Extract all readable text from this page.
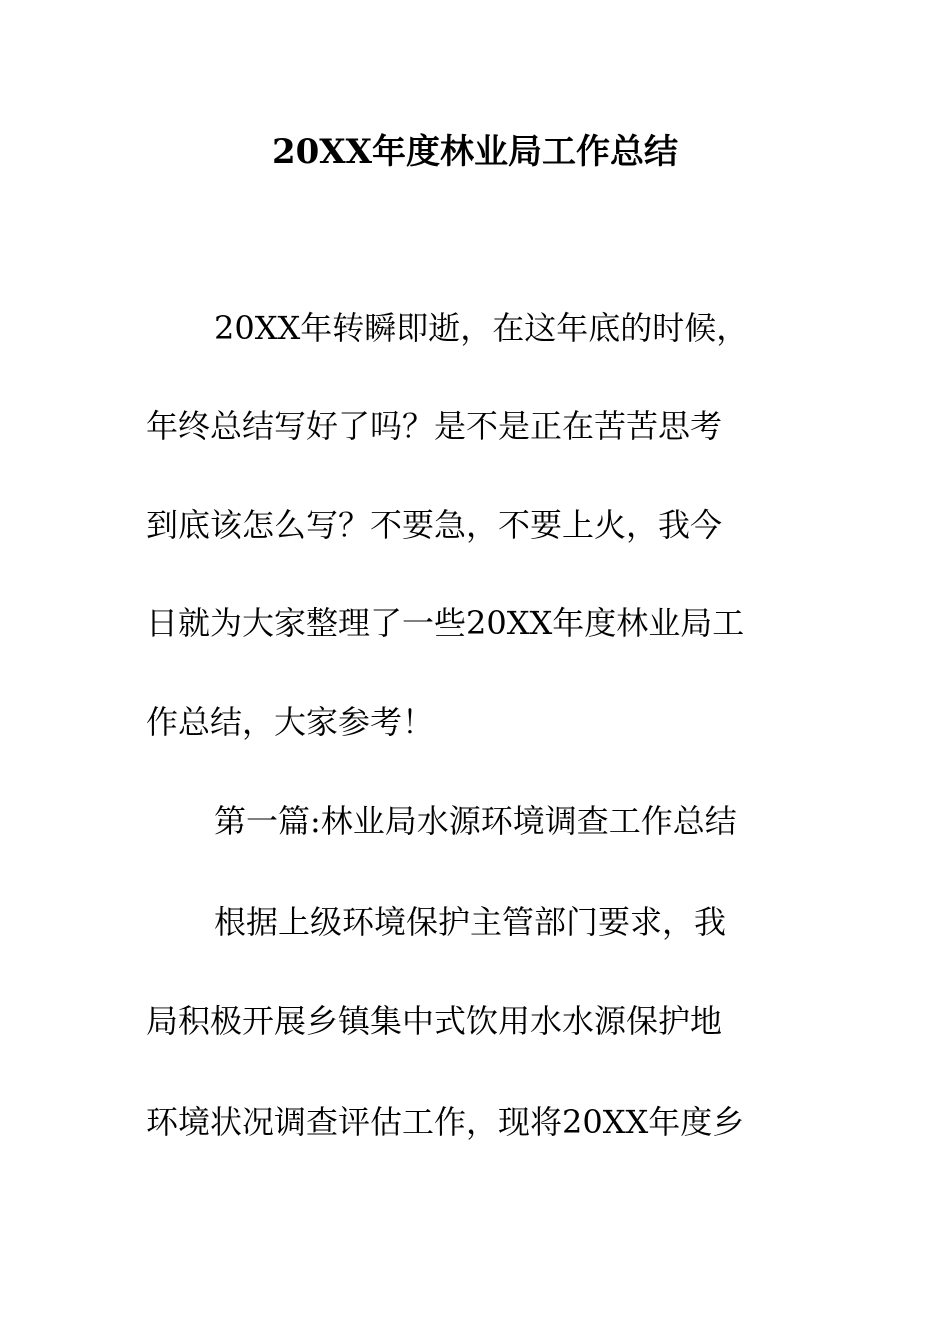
20XX年度林业局工作总结
20XX年转瞬即逝，在这年底的时候，
年终总结写好了吗？是不是正在苦苦思考
到底该怎么写？不要急，不要上火，我今
日就为大家整理了一些20XX年度林业局工
作总结，大家参考！
第一篇:林业局水源环境调查工作总结
根据上级环境保护主管部门要求，我
局积极开展乡镇集中式饮用水水源保护地
环境状况调查评估工作，现将20XX年度乡
